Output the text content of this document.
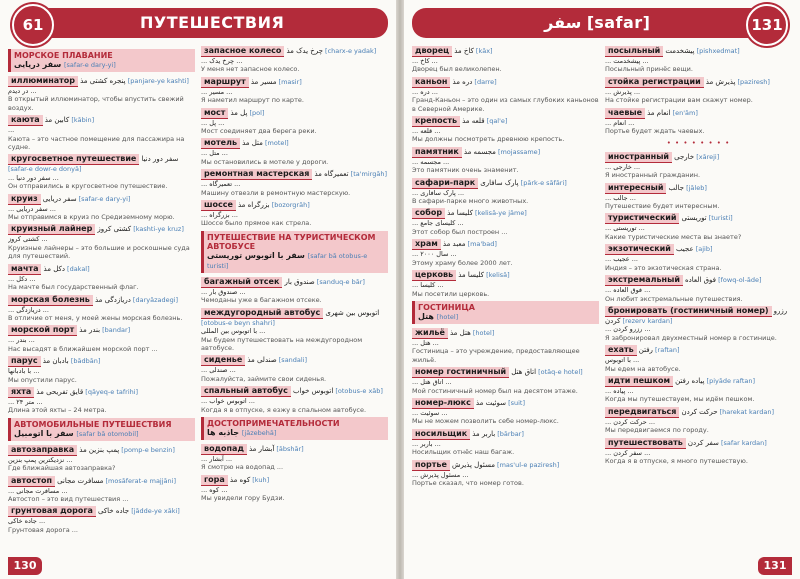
ПУТЕШЕСТВИЯ
61
МОРСКОЕ ПЛАВАНИЕ
سفر دریایی [safar-e dary-yi]
иллюминатор پنجره کشتی مذ [panjare-ye kashti]
در دیدم ...
В открытый иллюминатор, чтобы впустить свежий воздух.
каюта کابین مذ [kābin]
...
Каюта – это частное помещение для пассажира на судне.
кругосветное путешествие سفر دور دنیا [safar-e dowr-e donyā]
... سفر دور دنیا ...
Он отправились в кругосветное путешествие.
круиз سفر دریایی [safar-e dary-yi]
... سفر دریایی ...
Мы отправимся в круиз по Средиземному морю.
круизный лайнер کشتی کروز [kashti-ye kruz]
کشتی کروز ...
Круизные лайнеры – это большие и роскошные суда для путешествий.
мачта دکل مذ [dakal]
... دکل ...
На мачте был государственный флаг.
морская болезнь دریازدگی مذ [daryāzadegi]
... دریازدگی ...
В отличие от меня, у моей жены морская болезнь.
морской порт بندر مذ [bandar]
... بندر ...
Нас высадят в ближайшем морской порт ...
парус بادبان مذ [bādbān]
با بادبانها ...
Мы опустили парус.
яхта قایق تفریحی مذ [qāyeq-e tafrihi]
... ۲۴ متر ...
Длина этой яхты – 24 метра.
АВТОМОБИЛЬНЫЕ ПУТЕШЕСТВИЯ
سفر با اتومبیل [safar bā otomobil]
автозаправка پمپ بنزین مذ [pomp-e benzin]
نزدیکترین پمپ بنزین ...
Где ближайшая автозаправка?
автостоп مسافرت مجانی [mosāferat-e majjāni]
... مسافرت مجانی ...
Автостоп – это вид путешествия ...
грунтовая дорога جاده خاکی [jādde-ye xāki]
جاده خاکی ...
Грунтовая дорога ...
запасное колесо چرخ یدک مذ [charx-e yadak]
... چرخ یدک ...
У меня нет запасное колесо.
маршрут مسیر مذ [masir]
... مسیر ...
Я наметил маршрут по карте.
мост پل مذ [pol]
... پل ...
Мост соединяет два берега реки.
мотель متل مذ [motel]
... متل ...
Мы остановились в мотеле у дороги.
ремонтная мастерская تعمیرگاه مذ [ta'mirgāh]
... تعمیرگاه ...
Машину отвезли в ремонтную мастерскую.
шоссе بزرگراه مذ [bozorgrāh]
... بزرگراه ...
Шоссе было прямое как стрела.
ПУТЕШЕСТВИЕ НА ТУРИСТИЧЕСКОМ АВТОБУСЕ
سفر با اتوبوس توریستی [safar bā otobus-e turisti]
багажный отсек صندوق بار [sanduq-e bār]
... صندوق بار ...
Чемоданы уже в багажном отсеке.
междугородный автобус اتوبوس بین شهری [otobus-e beyn shahri]
با اتوبوس بین المللی ...
Мы будем путешествовать на междугородном автобусе.
сиденье صندلی مذ [sandali]
... صندلی ...
Пожалуйста, займите свои сиденья.
спальный автобус اتوبوس خواب [otobus-e xāb]
... اتوبوس خواب ...
Когда я в отпуске, я езжу в спальном автобусе.
ДОСТОПРИМЕЧАТЕЛЬНОСТИ
جاذبه ها [jāzebehā]
водопад آبشار مذ [ābshār]
... آبشار ...
Я смотрю на водопад ...
гора کوه مذ [kuh]
... کوه ...
Мы увидели гору Будзи.
130
سفر [safar]	131
дворец کاخ مذ [kāx]
... کاخ ...
Дворец был великолепен.
каньон دره مذ [darre]
... دره ...
Гранд-Каньон – это один из самых глубоких каньонов в Северной Америке.
крепость قلعه مذ [qal'e]
... قلعه ...
Мы должны посмотреть древнюю крепость.
памятник مجسمه مذ [mojassame]
... مجسمه ...
Это памятник очень знаменит.
сафари-парк پارک سافاری [pārk-e sāfāri]
... پارک سافاری ...
В сафари-парке много животных.
собор کلیسا مذ [kelisā-ye jāme]
... کلیسای جامع ...
Этот собор был построен ...
храм معبد مذ [ma'bad]
... ۲۰۰۰ سال ...
Этому храму более 2000 лет.
церковь کلیسا مذ [kelisā]
... کلیسا ...
Мы посетили церковь.
ГОСТИНИЦА
هتل [hotel]
жильё هتل مذ [hotel]
... هتل ...
Гостиница – это учреждение, предоставляющее жильё.
номер гостиничный اتاق هتل [otāq-e hotel]
... اتاق هتل ...
Мой гостиничный номер был на десятом этаже.
номер-люкс سوئیت مذ [suit]
... سوئیت ...
Мы не можем позволить себе номер-люкс.
носильщик باربر مذ [bārbar]
... باربر ...
Носильщик отнёс наш багаж.
портье مسئول پذیرش [mas'ul-e paziresh]
... مسئول پذیرش ...
Портье сказал, что номер готов.
посыльный پیشخدمت [pishxedmat]
... پیشخدمت ...
Посыльный принёс вещи.
стойка регистрации پذیرش مذ [paziresh]
... پذیرش ...
На стойке регистрации вам скажут номер.
чаевые انعام مذ [en'ām]
... انعام ...
Портье будет ждать чаевых.
• • • • • • • •
иностранный خارجی [xāreji]
... خارجی ...
Я иностранный гражданин.
интересный جالب [jāleb]
... جالب ...
Путешествие будет интересным.
туристический توریستی [turisti]
... توریستی ...
Какие туристические места вы знаете?
экзотический عجیب [ajib]
... عجیب ...
Индия – это экзотическая страна.
экстремальный فوق العاده [fowq-ol-āde]
... فوق العاده ...
Он любит экстремальные путешествия.
бронировать (гостиничный номер) رزرو کردن [rezerv kardan]
... رزرو کردن ...
Я забронировал двухместный номер в гостинице.
ехать رفتن [raftan]
با اتوبوس ...
Мы едем на автобусе.
идти пешком پیاده رفتن [piyāde raftan]
... پیاده ...
Когда мы путешествуем, мы идём пешком.
передвигаться حرکت کردن [harekat kardan]
... حرکت کردن ...
Мы передвигаемся по городу.
путешествовать سفر کردن [safar kardan]
... سفر کردن ...
Когда я в отпуске, я много путешествую.
131
